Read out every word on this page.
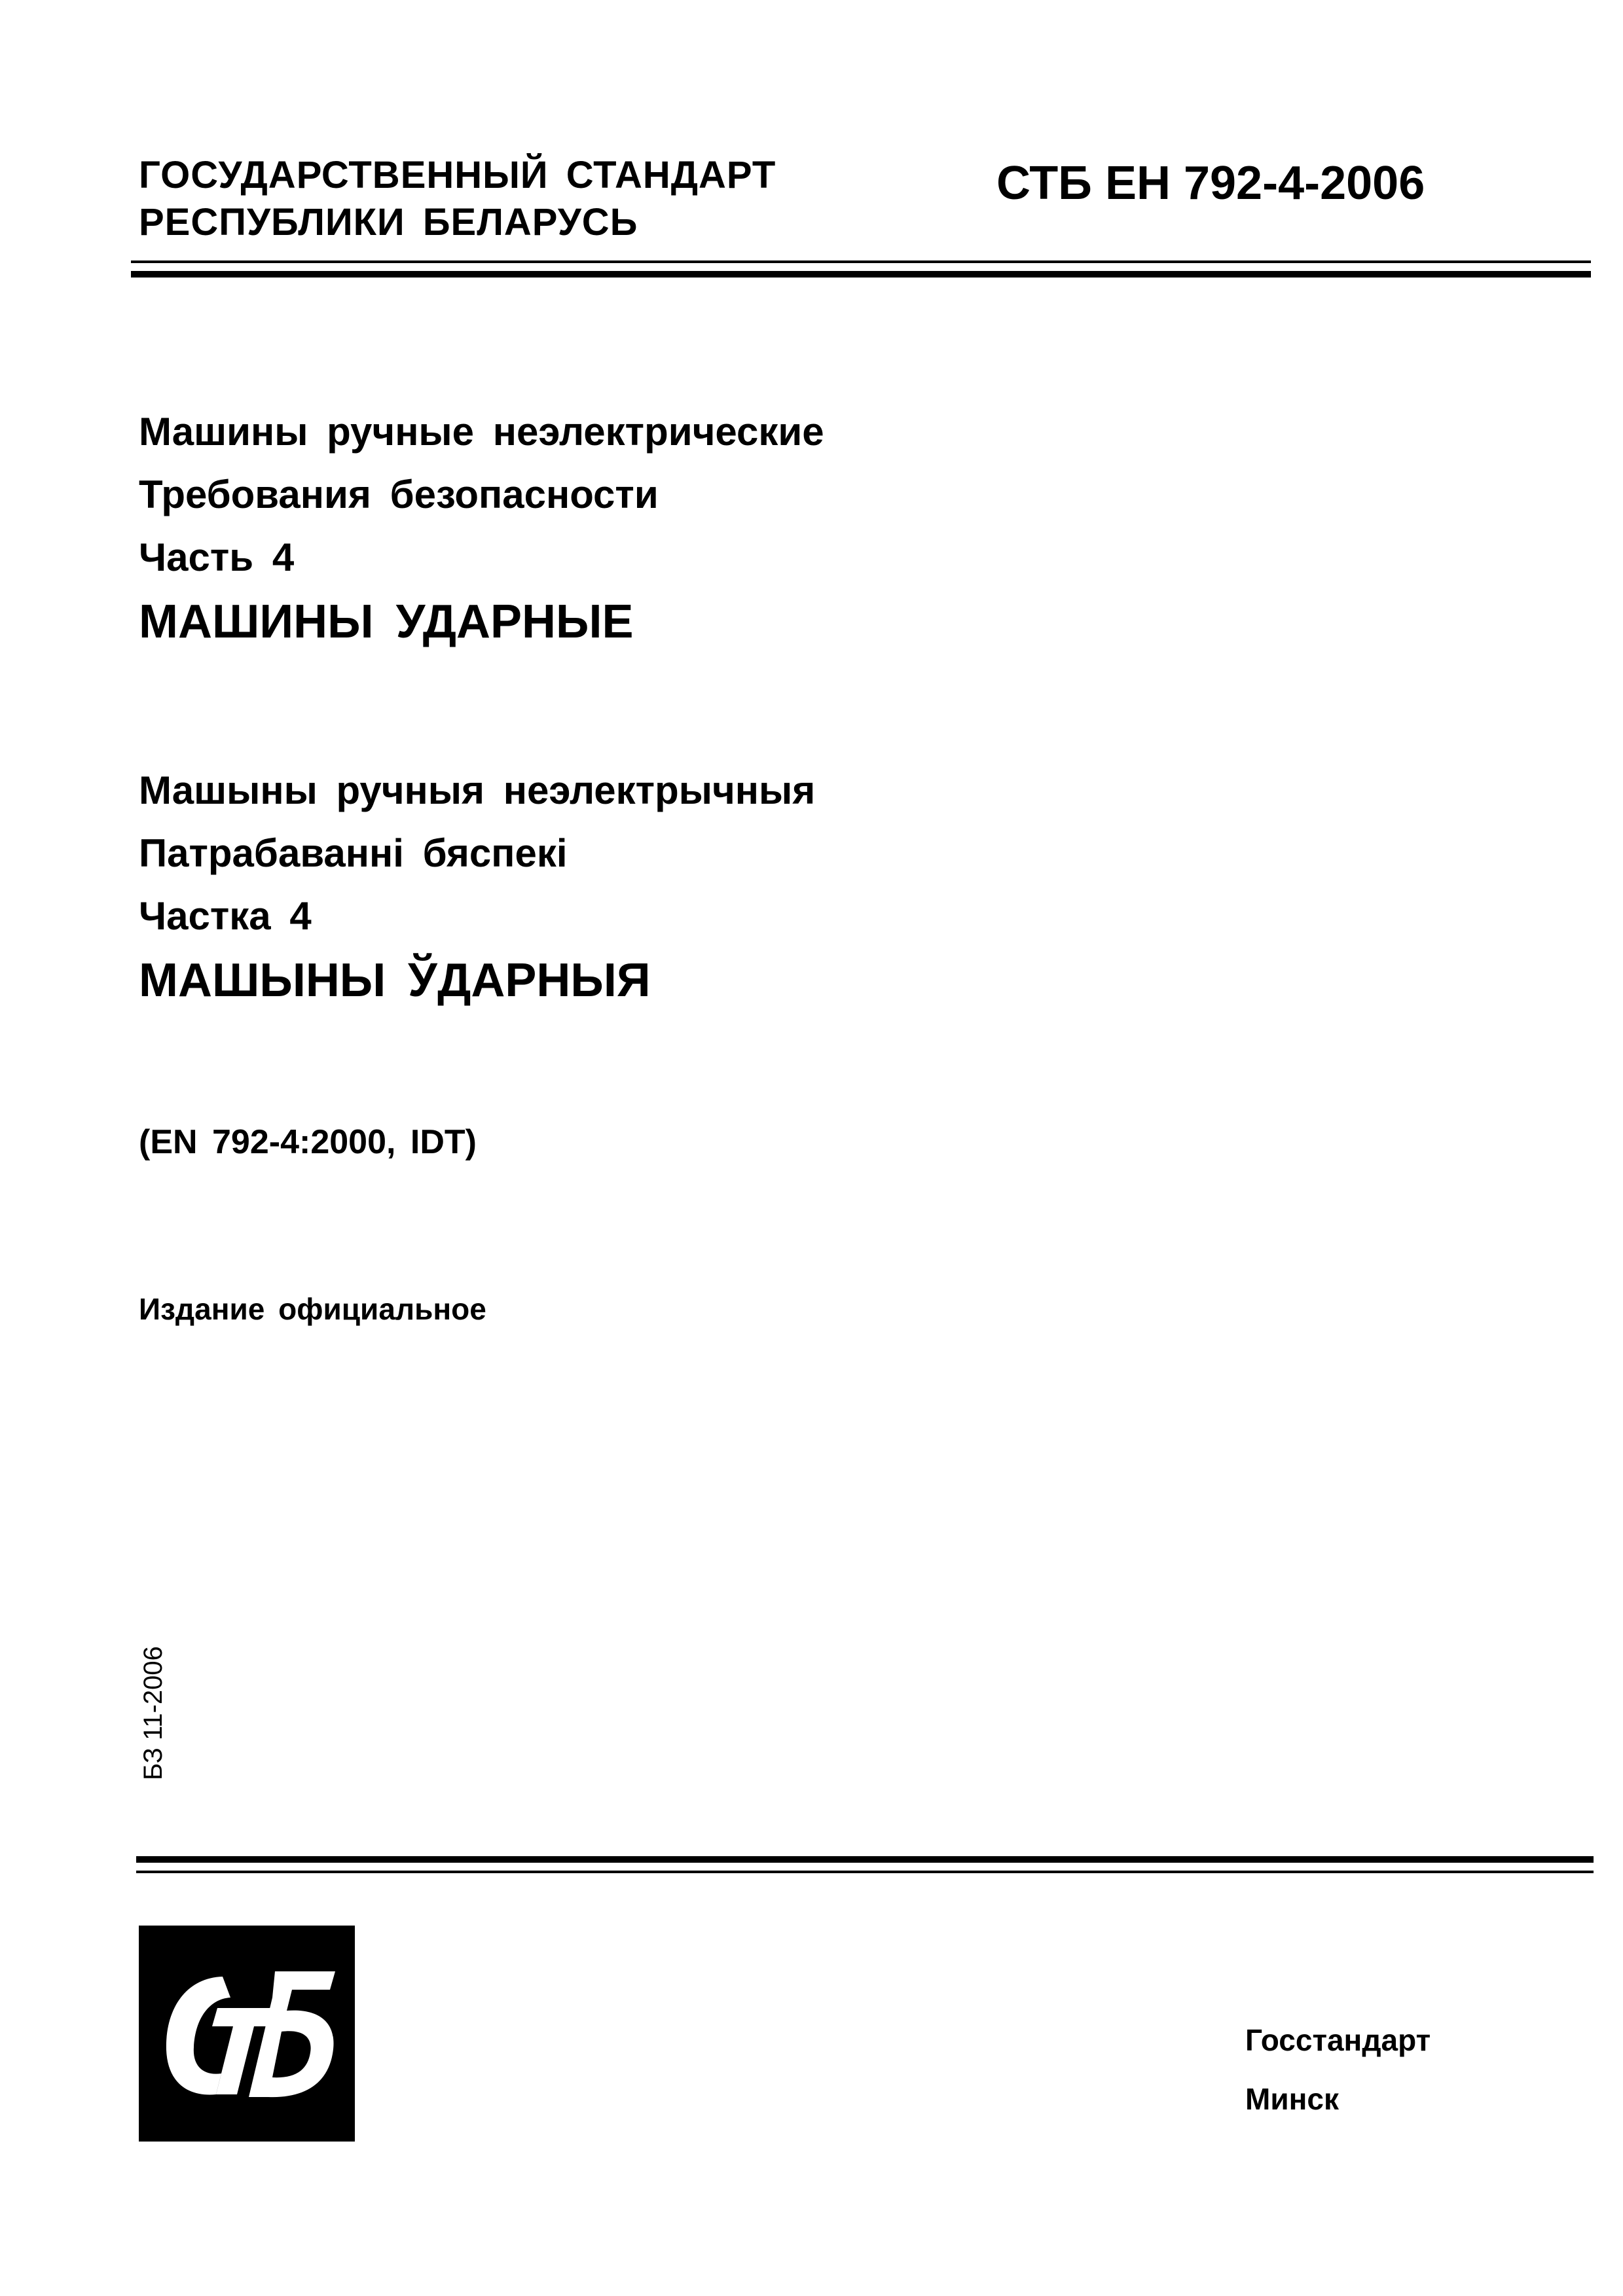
ГОСУДАРСТВЕННЫЙ СТАНДАРТ
РЕСПУБЛИКИ БЕЛАРУСЬ
СТБ ЕН 792-4-2006
Машины ручные неэлектрические
Требования безопасности
Часть 4
МАШИНЫ УДАРНЫЕ
Машыны ручныя неэлектрычныя
Патрабаванні бяспекі
Частка 4
МАШЫНЫ ЎДАРНЫЯ
(EN 792-4:2000, IDT)
Издание официальное
БЗ 11-2006
Госстандарт
Минск
